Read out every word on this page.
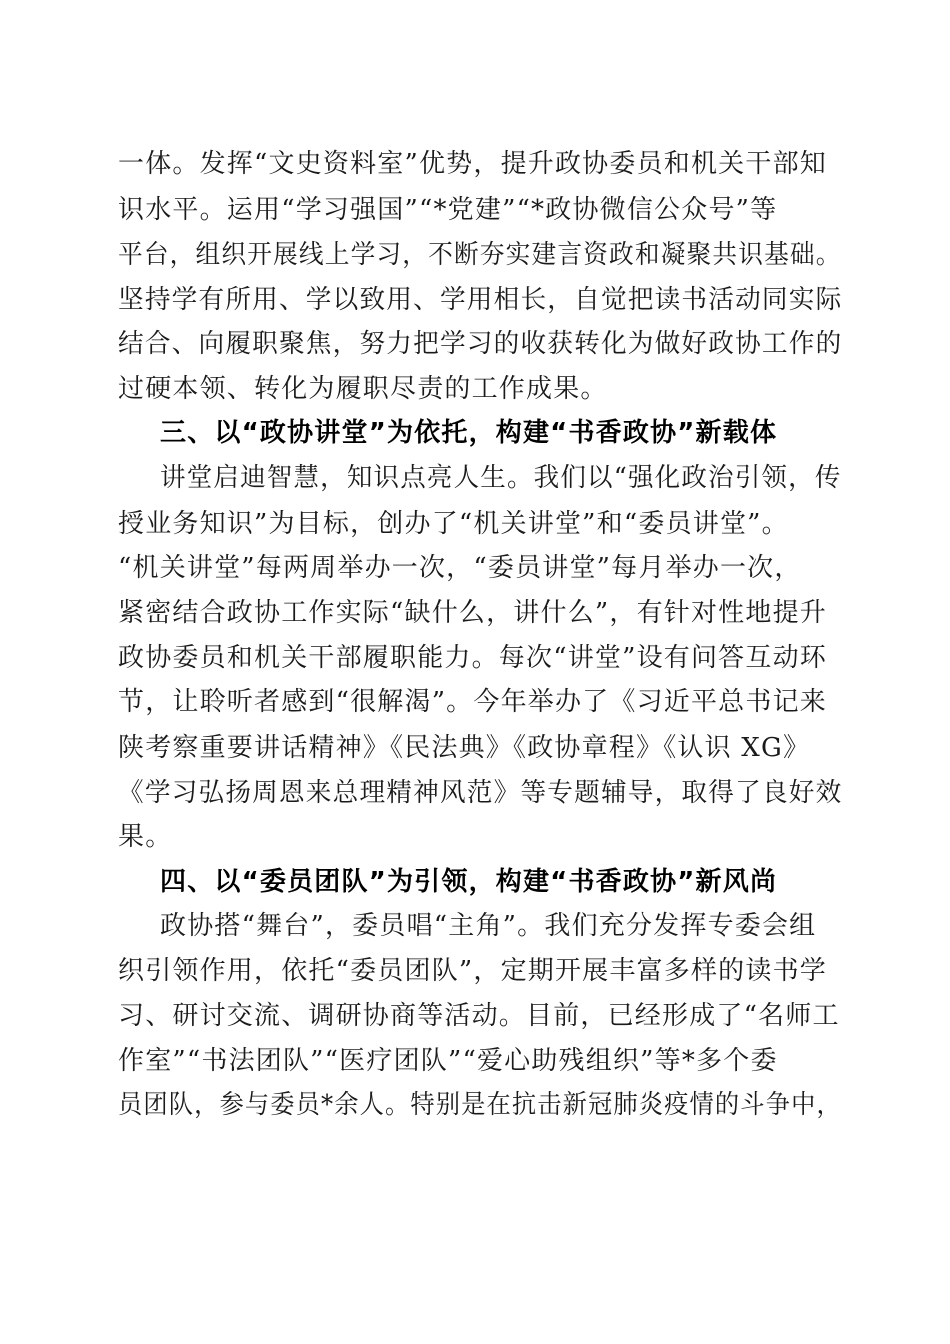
一体。发挥“文史资料室”优势，提升政协委员和机关干部知
识水平。运用“学习强国”“*党建”“*政协微信公众号”等
平台，组织开展线上学习，不断夯实建言资政和凝聚共识基础。
坚持学有所用、学以致用、学用相长，自觉把读书活动同实际
结合、向履职聚焦，努力把学习的收获转化为做好政协工作的
过硬本领、转化为履职尽责的工作成果。
三、以“政协讲堂”为依托，构建“书香政协”新载体
讲堂启迪智慧，知识点亮人生。我们以“强化政治引领，传
授业务知识”为目标，创办了“机关讲堂”和“委员讲堂”。
“机关讲堂”每两周举办一次，“委员讲堂”每月举办一次，
紧密结合政协工作实际“缺什么，讲什么”，有针对性地提升
政协委员和机关干部履职能力。每次“讲堂”设有问答互动环
节，让聆听者感到“很解渴”。今年举办了《习近平总书记来
陕考察重要讲话精神》《民法典》《政协章程》《认识 XG》
《学习弘扬周恩来总理精神风范》等专题辅导，取得了良好效
果。
四、以“委员团队”为引领，构建“书香政协”新风尚
政协搭“舞台”，委员唱“主角”。我们充分发挥专委会组
织引领作用，依托“委员团队”，定期开展丰富多样的读书学
习、研讨交流、调研协商等活动。目前，已经形成了“名师工
作室”“书法团队”“医疗团队”“爱心助残组织”等*多个委
员团队，参与委员*余人。特别是在抗击新冠肺炎疫情的斗争中，
